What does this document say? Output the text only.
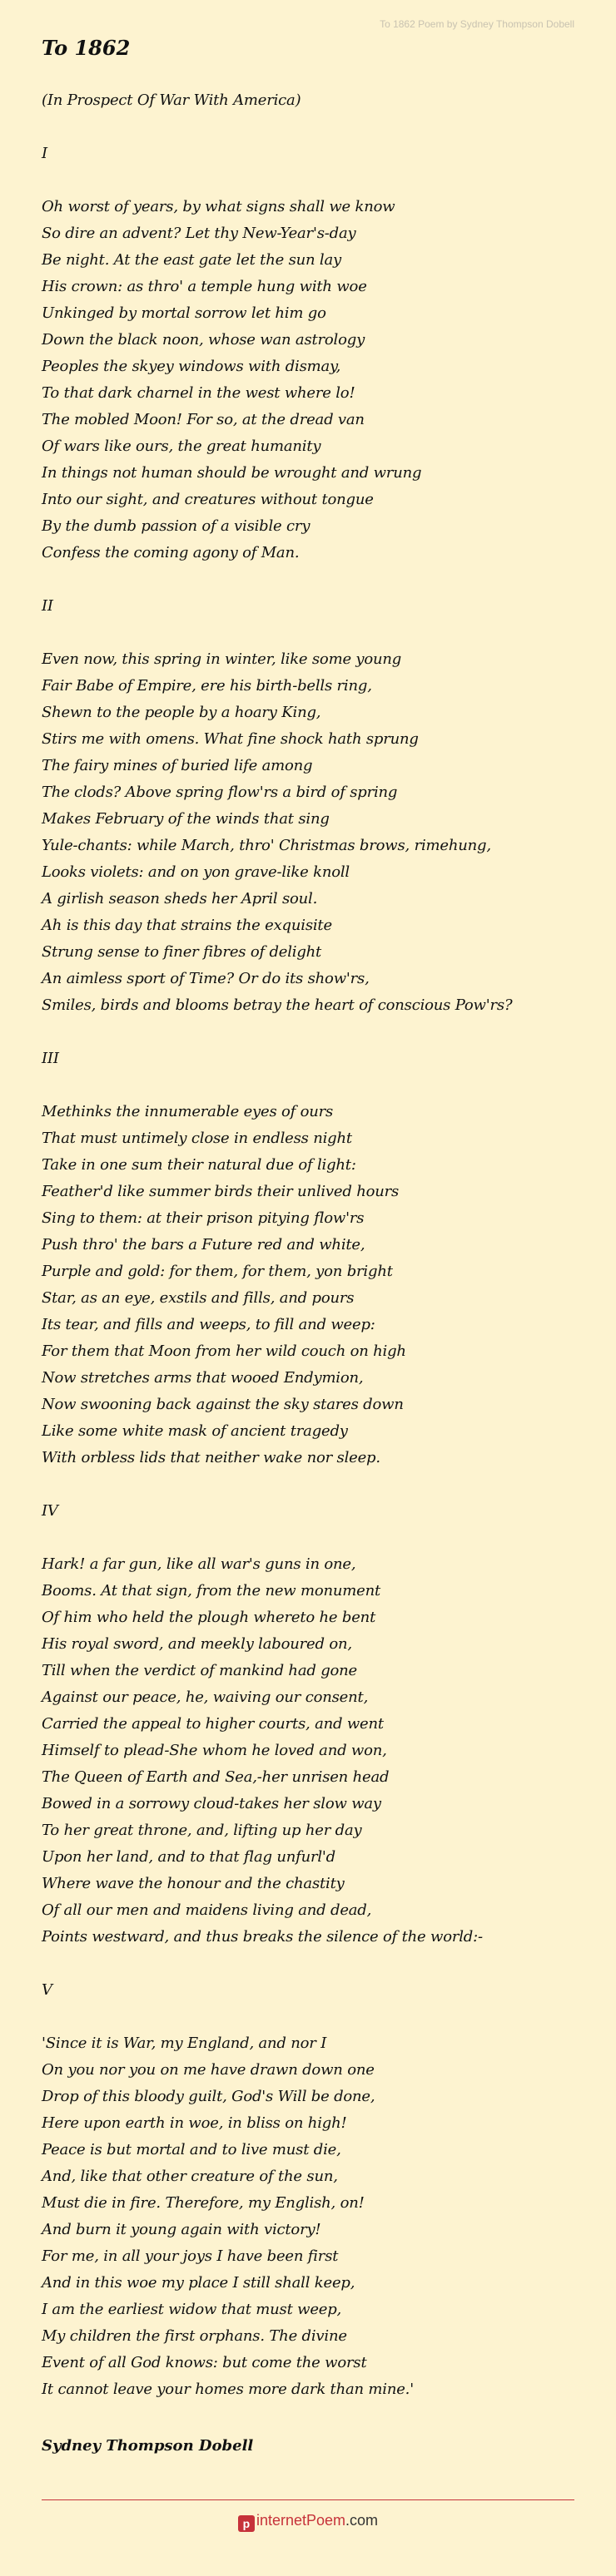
To 1862 Poem by Sydney Thompson Dobell
To 1862
(In Prospect Of War With America)
I
Oh worst of years, by what signs shall we know
So dire an advent? Let thy New-Year's-day
Be night. At the east gate let the sun lay
His crown: as thro' a temple hung with woe
Unkinged by mortal sorrow let him go
Down the black noon, whose wan astrology
Peoples the skyey windows with dismay,
To that dark charnel in the west where lo!
The mobled Moon! For so, at the dread van
Of wars like ours, the great humanity
In things not human should be wrought and wrung
Into our sight, and creatures without tongue
By the dumb passion of a visible cry
Confess the coming agony of Man.
II
Even now, this spring in winter, like some young
Fair Babe of Empire, ere his birth-bells ring,
Shewn to the people by a hoary King,
Stirs me with omens. What fine shock hath sprung
The fairy mines of buried life among
The clods? Above spring flow'rs a bird of spring
Makes February of the winds that sing
Yule-chants: while March, thro' Christmas brows, rimehung,
Looks violets: and on yon grave-like knoll
A girlish season sheds her April soul.
Ah is this day that strains the exquisite
Strung sense to finer fibres of delight
An aimless sport of Time? Or do its show'rs,
Smiles, birds and blooms betray the heart of conscious Pow'rs?
III
Methinks the innumerable eyes of ours
That must untimely close in endless night
Take in one sum their natural due of light:
Feather'd like summer birds their unlived hours
Sing to them: at their prison pitying flow'rs
Push thro' the bars a Future red and white,
Purple and gold: for them, for them, yon bright
Star, as an eye, exstils and fills, and pours
Its tear, and fills and weeps, to fill and weep:
For them that Moon from her wild couch on high
Now stretches arms that wooed Endymion,
Now swooning back against the sky stares down
Like some white mask of ancient tragedy
With orbless lids that neither wake nor sleep.
IV
Hark! a far gun, like all war's guns in one,
Booms. At that sign, from the new monument
Of him who held the plough whereto he bent
His royal sword, and meekly laboured on,
Till when the verdict of mankind had gone
Against our peace, he, waiving our consent,
Carried the appeal to higher courts, and went
Himself to plead-She whom he loved and won,
The Queen of Earth and Sea,-her unrisen head
Bowed in a sorrowy cloud-takes her slow way
To her great throne, and, lifting up her day
Upon her land, and to that flag unfurl'd
Where wave the honour and the chastity
Of all our men and maidens living and dead,
Points westward, and thus breaks the silence of the world:-
V
'Since it is War, my England, and nor I
On you nor you on me have drawn down one
Drop of this bloody guilt, God's Will be done,
Here upon earth in woe, in bliss on high!
Peace is but mortal and to live must die,
And, like that other creature of the sun,
Must die in fire. Therefore, my English, on!
And burn it young again with victory!
For me, in all your joys I have been first
And in this woe my place I still shall keep,
I am the earliest widow that must weep,
My children the first orphans. The divine
Event of all God knows: but come the worst
It cannot leave your homes more dark than mine.'
Sydney Thompson Dobell
p internetPoem.com
